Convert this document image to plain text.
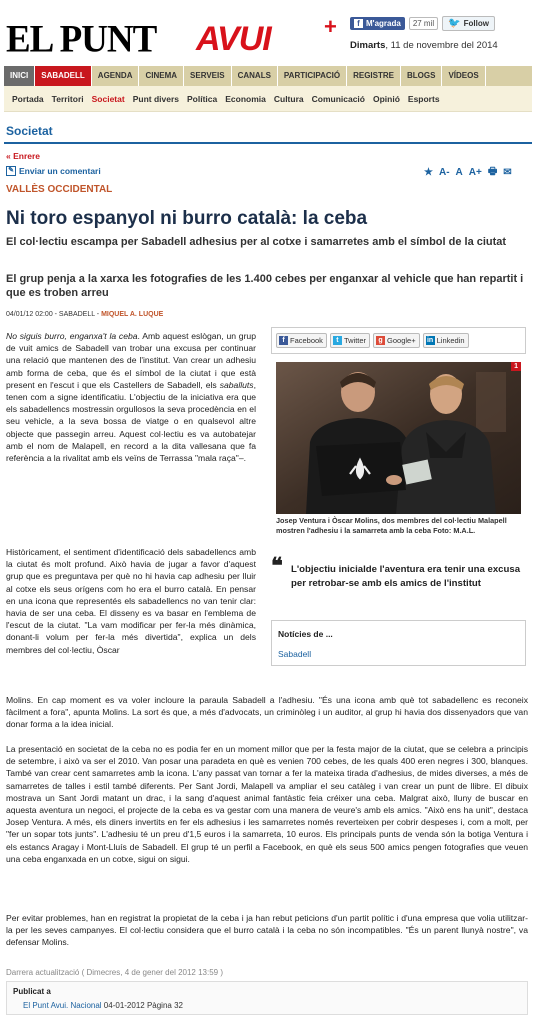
EL PUNT AVUI +	f M'agrada	27 mil	🐦 Follow
Dimarts, 11 de novembre del 2014
INICI	SABADELL	AGENDA	CINEMA	SERVEIS	CANALS	PARTICIPACIÓ	REGISTRE	BLOGS	VÍDEOS
Portada Territori Societat Punt divers Política Economia Cultura Comunicació Opinió Esports
Societat
« Enrere
✎ Enviar un comentari	★ A- A A+ 🖶 ✉
VALLÈS OCCIDENTAL
Ni toro espanyol ni burro català: la ceba
El col·lectiu escampa per Sabadell adhesius per al cotxe i samarretes amb el símbol de la ciutat
El grup penja a la xarxa les fotografies de les 1.400 cebes per enganxar al vehicle que han repartit i que es troben arreu
04/01/12 02:00 - SABADELL - MIQUEL A. LUQUE
No siguis burro, enganxa't la ceba. Amb aquest eslògan, un grup de vuit amics de Sabadell van trobar una excusa per continuar una relació que mantenen des de l'institut. Van crear un adhesiu amb forma de ceba, que és el símbol de la ciutat i que està present en l'escut i que els Castellers de Sabadell, els saballuts, tenen com a signe identificatiu. L'objectiu de la iniciativa era que els sabadellencs mostressin orgullosos la seva procedència en el seu vehicle, a la seva bossa de viatge o en qualsevol altre objecte que passegin arreu. Aquest col·lectiu es va autobatejar amb el nom de Malapell, en record a la dita vallesana que fa referència a la rivalitat amb els veïns de Terrassa "mala raça"–.
Històricament, el sentiment d'identificació dels sabadellencs amb la ciutat és molt profund. Això havia de jugar a favor d'aquest grup que es preguntava per què no hi havia cap adhesiu per lluir al cotxe els seus orígens com ho era el burro català. En pensar en una icona que representés els sabadellencs no van tenir clar: havia de ser una ceba. El disseny es va basar en l'emblema de l'escut de la ciutat. "La vam modificar per fer-la més dinàmica, donant-li volum per fer-la més divertida", explica un dels membres del col·lectiu, Òscar
Molins. En cap moment es va voler incloure la paraula Sabadell a l'adhesiu. "És una icona amb què tot sabadellenc es reconeix fàcilment a fora", apunta Molins. La sort és que, a més d'advocats, un criminòleg i un auditor, al grup hi havia dos dissenyadors que van donar forma a la idea inicial.
La presentació en societat de la ceba no es podia fer en un moment millor que per la festa major de la ciutat, que se celebra a principis de setembre, i això va ser el 2010. Van posar una paradeta en què es venien 700 cebes, de les quals 400 eren negres i 300, blanques. També van crear cent samarretes amb la icona. L'any passat van tornar a fer la mateixa tirada d'adhesius, de mides diverses, a més de samarretes de talles i estil també diferents. Per Sant Jordi, Malapell va ampliar el seu catàleg i van crear un punt de llibre. El dibuix mostrava un Sant Jordi matant un drac, i la sang d'aquest animal fantàstic feia créixer una ceba. Malgrat això, lluny de buscar en aquesta aventura un negoci, el projecte de la ceba es va gestar com una manera de veure's amb els amics. "Això ens ha unit", destaca Josep Ventura. A més, els diners invertits en fer els adhesius i les samarretes només reverteixen per cobrir despeses i, com a molt, per "fer un sopar tots junts". L'adhesiu té un preu d'1,5 euros i la samarreta, 10 euros. Els principals punts de venda són la botiga Ventura i els estancs Aragay i Mont-Lluís de Sabadell. El grup té un perfil a Facebook, en què els seus 500 amics pengen fotografies que veuen una ceba enganxada en un cotxe, sigui on sigui.
Per evitar problemes, han en registrat la propietat de la ceba i ja han rebut peticions d'un partit polític i d'una empresa que volia utilitzar-la per les seves campanyes. El col·lectiu considera que el burro català i la ceba no són incompatibles. "És un parent llunyà nostre", va defensar Molins.
f Facebook	t Twitter	g Google+ in Linkedin
1
Josep Ventura i Òscar Molins, dos membres del col·lectiu Malapell mostren l'adhesiu i la samarreta amb la ceba Foto: M.A.L.
❝ L'objectiu inicialde l'aventura era tenir una excusa per retrobar-se amb els amics de l'institut
Notícies de ...
Sabadell
Darrera actualització ( Dimecres, 4 de gener del 2012 13:59 )
Publicat a
El Punt Avui. Nacional 04-01-2012 Pàgina 32
